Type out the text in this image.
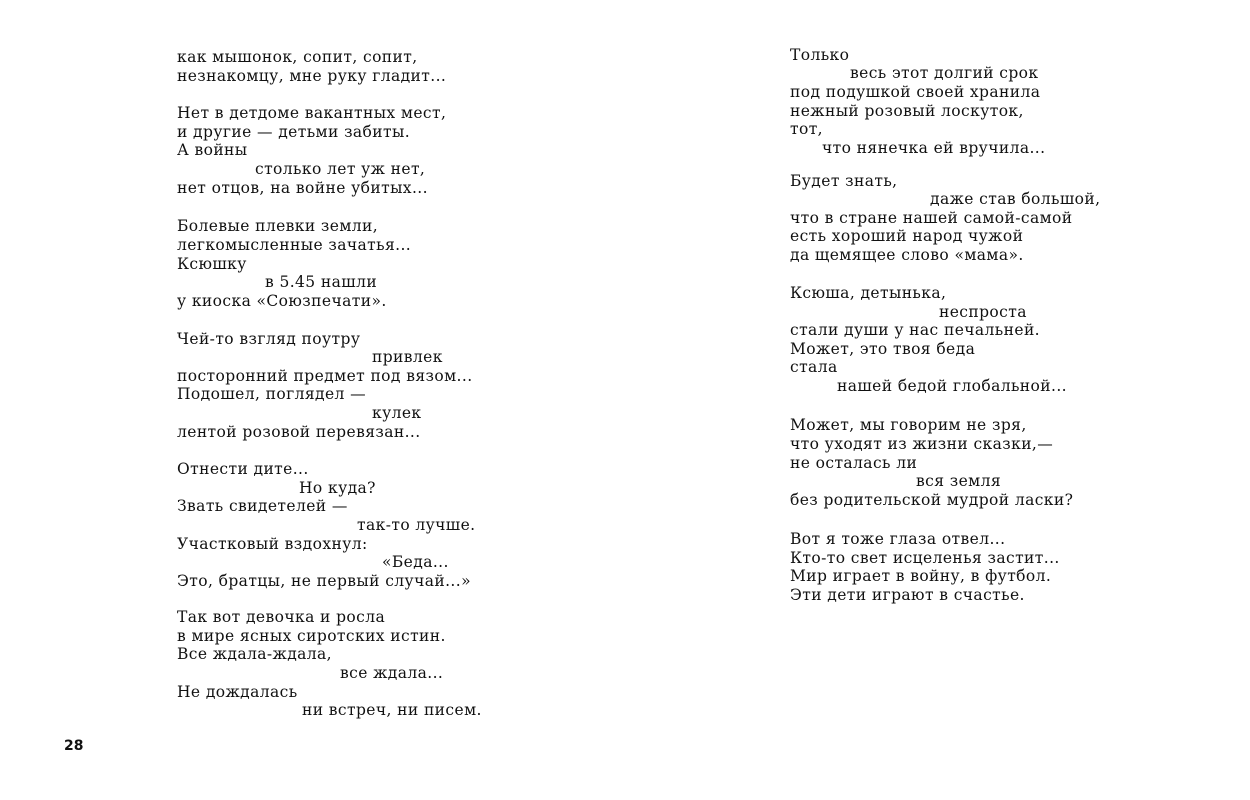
как мышонок, сопит, сопит,
незнакомцу, мне руку гладит...
Нет в детдоме вакантных мест,
и другие — детьми забиты.
А войны
столько лет уж нет,
нет отцов, на войне убитых...
Болевые плевки земли,
легкомысленные зачатья...
Ксюшку
в 5.45 нашли
у киоска «Союзпечати».
Чей-то взгляд поутру
привлек
посторонний предмет под вязом...
Подошел, поглядел —
кулек
лентой розовой перевязан...
Отнести дите...
Но куда?
Звать свидетелей —
так-то лучше.
Участковый вздохнул:
«Беда...
Это, братцы, не первый случай...»
Так вот девочка и росла
в мире ясных сиротских истин.
Все ждала-ждала,
все ждала...
Не дождалась
ни встреч, ни писем.
28
Только
весь этот долгий срок
под подушкой своей хранила
нежный розовый лоскуток,
тот,
что нянечка ей вручила...
Будет знать,
даже став большой,
что в стране нашей самой-самой
есть хороший народ чужой
да щемящее слово «мама».
Ксюша, детынька,
неспроста
стали души у нас печальней.
Может, это твоя беда
стала
нашей бедой глобальной...
Может, мы говорим не зря,
что уходят из жизни сказки,—
не осталась ли
вся земля
без родительской мудрой ласки?
Вот я тоже глаза отвел...
Кто-то свет исцеленья застит...
Мир играет в войну, в футбол.
Эти дети играют в счастье.
